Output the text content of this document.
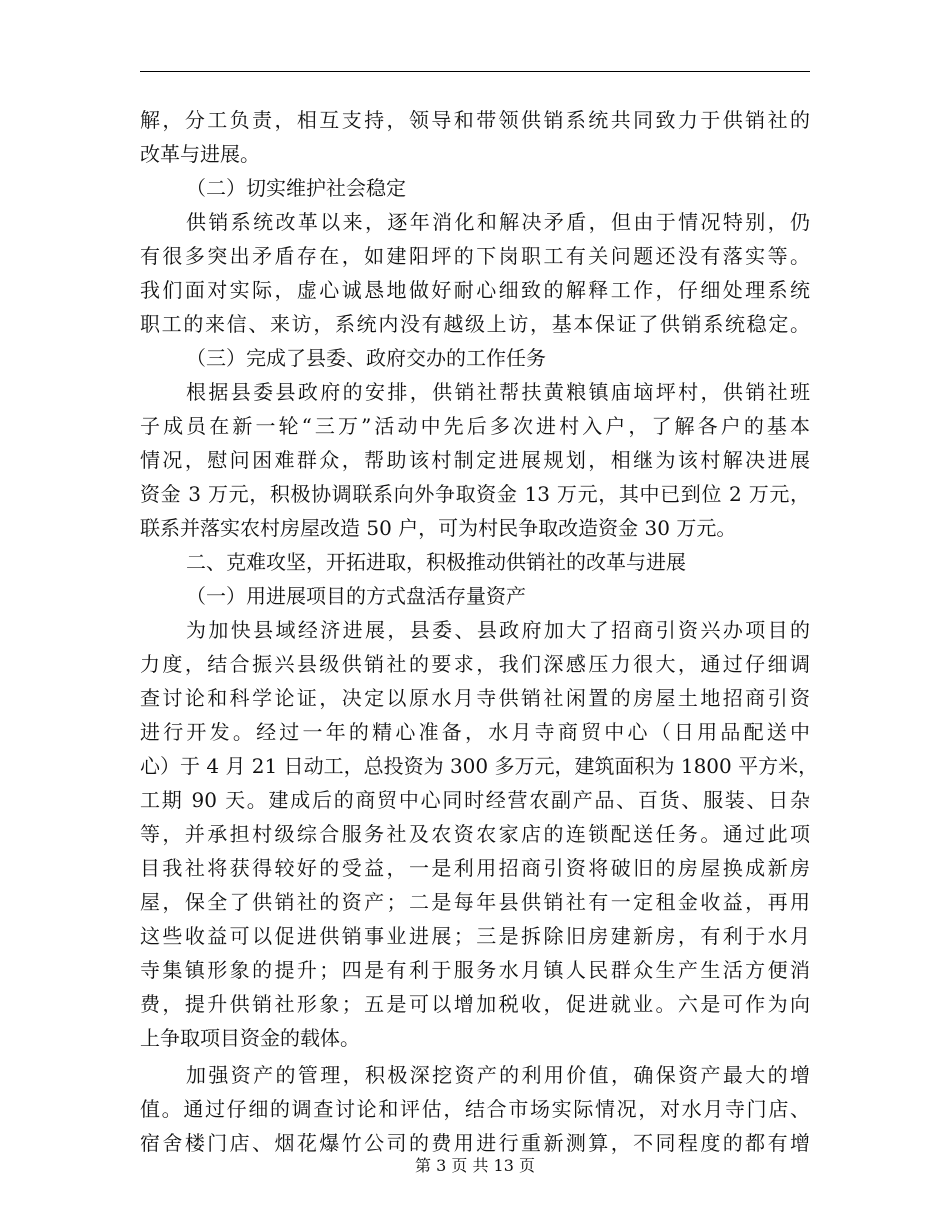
解，分工负责，相互支持，领导和带领供销系统共同致力于供销社的
改革与进展。
（二）切实维护社会稳定
供销系统改革以来，逐年消化和解决矛盾，但由于情况特别，仍
有很多突出矛盾存在，如建阳坪的下岗职工有关问题还没有落实等。
我们面对实际，虚心诚恳地做好耐心细致的解释工作，仔细处理系统
职工的来信、来访，系统内没有越级上访，基本保证了供销系统稳定。
（三）完成了县委、政府交办的工作任务
根据县委县政府的安排，供销社帮扶黄粮镇庙垴坪村，供销社班
子成员在新一轮“三万”活动中先后多次进村入户，了解各户的基本
情况，慰问困难群众，帮助该村制定进展规划，相继为该村解决进展
资金 3 万元，积极协调联系向外争取资金 13 万元，其中已到位 2 万元，
联系并落实农村房屋改造 50 户，可为村民争取改造资金 30 万元。
二、克难攻坚，开拓进取，积极推动供销社的改革与进展
（一）用进展项目的方式盘活存量资产
为加快县域经济进展，县委、县政府加大了招商引资兴办项目的
力度，结合振兴县级供销社的要求，我们深感压力很大，通过仔细调
查讨论和科学论证，决定以原水月寺供销社闲置的房屋土地招商引资
进行开发。经过一年的精心准备，水月寺商贸中心（日用品配送中
心）于 4 月 21 日动工，总投资为 300 多万元，建筑面积为 1800 平方米，
工期 90 天。建成后的商贸中心同时经营农副产品、百货、服装、日杂
等，并承担村级综合服务社及农资农家店的连锁配送任务。通过此项
目我社将获得较好的受益，一是利用招商引资将破旧的房屋换成新房
屋，保全了供销社的资产；二是每年县供销社有一定租金收益，再用
这些收益可以促进供销事业进展；三是拆除旧房建新房，有利于水月
寺集镇形象的提升；四是有利于服务水月镇人民群众生产生活方便消
费，提升供销社形象；五是可以增加税收，促进就业。六是可作为向
上争取项目资金的载体。
加强资产的管理，积极深挖资产的利用价值，确保资产最大的增
值。通过仔细的调查讨论和评估，结合市场实际情况，对水月寺门店、
宿舍楼门店、烟花爆竹公司的费用进行重新测算，不同程度的都有增
第 3 页 共 13 页
